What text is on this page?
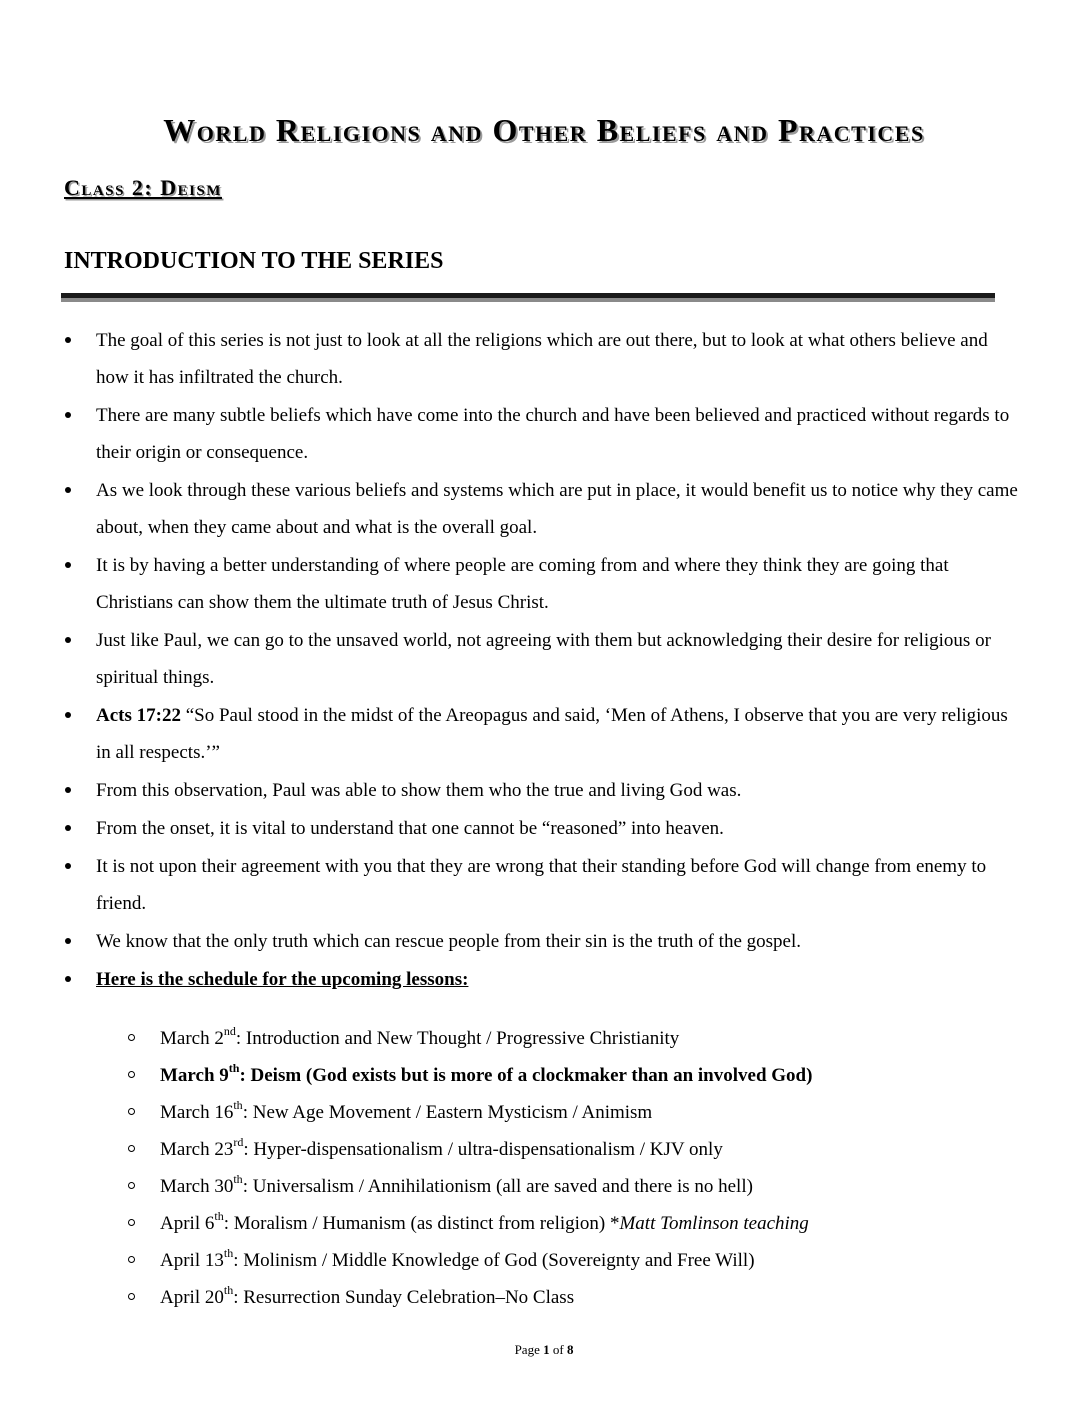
World Religions and Other Beliefs and Practices
Class 2: Deism
INTRODUCTION TO THE SERIES
The goal of this series is not just to look at all the religions which are out there, but to look at what others believe and how it has infiltrated the church.
There are many subtle beliefs which have come into the church and have been believed and practiced without regards to their origin or consequence.
As we look through these various beliefs and systems which are put in place, it would benefit us to notice why they came about, when they came about and what is the overall goal.
It is by having a better understanding of where people are coming from and where they think they are going that Christians can show them the ultimate truth of Jesus Christ.
Just like Paul, we can go to the unsaved world, not agreeing with them but acknowledging their desire for religious or spiritual things.
Acts 17:22 “So Paul stood in the midst of the Areopagus and said, ‘Men of Athens, I observe that you are very religious in all respects.’”
From this observation, Paul was able to show them who the true and living God was.
From the onset, it is vital to understand that one cannot be “reasoned” into heaven.
It is not upon their agreement with you that they are wrong that their standing before God will change from enemy to friend.
We know that the only truth which can rescue people from their sin is the truth of the gospel.
Here is the schedule for the upcoming lessons:
March 2nd: Introduction and New Thought / Progressive Christianity
March 9th: Deism (God exists but is more of a clockmaker than an involved God)
March 16th: New Age Movement / Eastern Mysticism / Animism
March 23rd: Hyper-dispensationalism / ultra-dispensationalism / KJV only
March 30th: Universalism / Annihilationism (all are saved and there is no hell)
April 6th: Moralism / Humanism (as distinct from religion) *Matt Tomlinson teaching
April 13th: Molinism / Middle Knowledge of God (Sovereignty and Free Will)
April 20th: Resurrection Sunday Celebration–No Class
Page 1 of 8
